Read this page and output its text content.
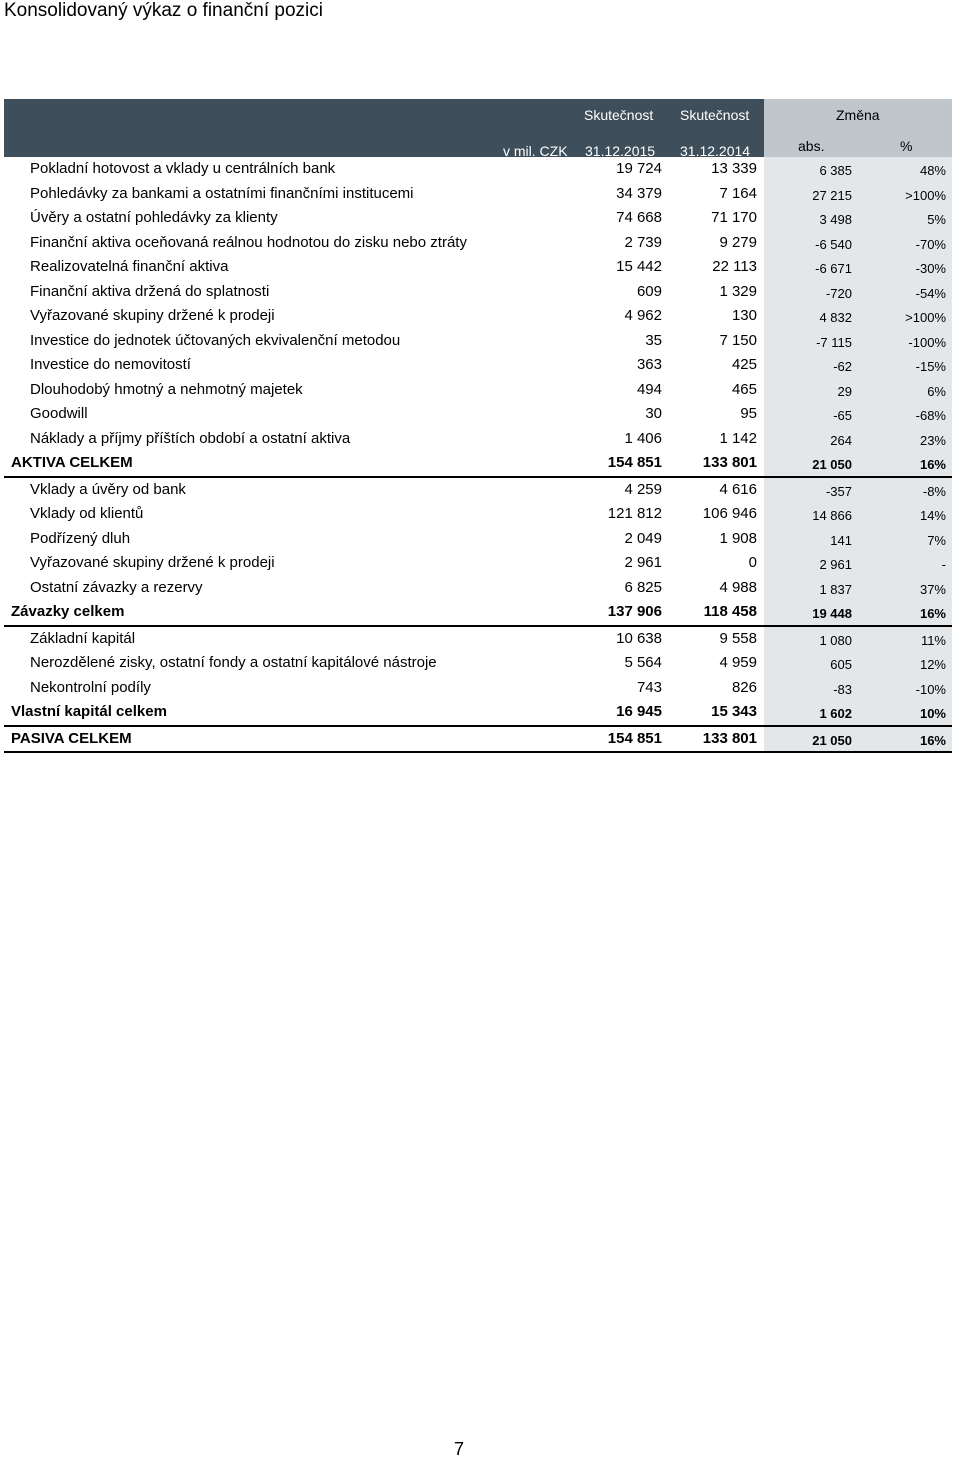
Konsolidovaný výkaz o finanční pozici
Skutečnost Skutečnost	Změna
v mil. CZK 31.12.2015 31.12.2014	abs.	%
Pokladní hotovost a vklady u centrálních bank	19 724	13 339	6 385	48%
Pohledávky za bankami a ostatními finančními institucemi	34 379	7 164	27 215	>100%
Úvěry a ostatní pohledávky za klienty	74 668	71 170	3 498	5%
Finanční aktiva oceňovaná reálnou hodnotou do zisku nebo ztráty	2 739	9 279	-6 540	-70%
Realizovatelná finanční aktiva	15 442	22 113	-6 671	-30%
Finanční aktiva držená do splatnosti	609	1 329	-720	-54%
Vyřazované skupiny držené k prodeji	4 962	130	4 832	>100%
Investice do jednotek účtovaných ekvivalenční metodou	35	7 150	-7 115	-100%
Investice do nemovitostí	363	425	-62	-15%
Dlouhodobý hmotný a nehmotný majetek	494	465	29	6%
Goodwill	30	95	-65	-68%
Náklady a příjmy příštích období a ostatní aktiva	1 406	1 142	264	23%
AKTIVA CELKEM	154 851	133 801	21 050	16%
Vklady a úvěry od bank	4 259	4 616	-357	-8%
Vklady od klientů	121 812	106 946	14 866	14%
Podřízený dluh	2 049	1 908	141	7%
Vyřazované skupiny držené k prodeji	2 961	0	2 961	-
Ostatní závazky a rezervy	6 825	4 988	1 837	37%
Závazky celkem	137 906	118 458	19 448	16%
Základní kapitál	10 638	9 558	1 080	11%
Nerozdělené zisky, ostatní fondy a ostatní kapitálové nástroje	5 564	4 959	605	12%
Nekontrolní podíly	743	826	-83	-10%
Vlastní kapitál celkem	16 945	15 343	1 602	10%
PASIVA CELKEM	154 851	133 801	21 050	16%
7
